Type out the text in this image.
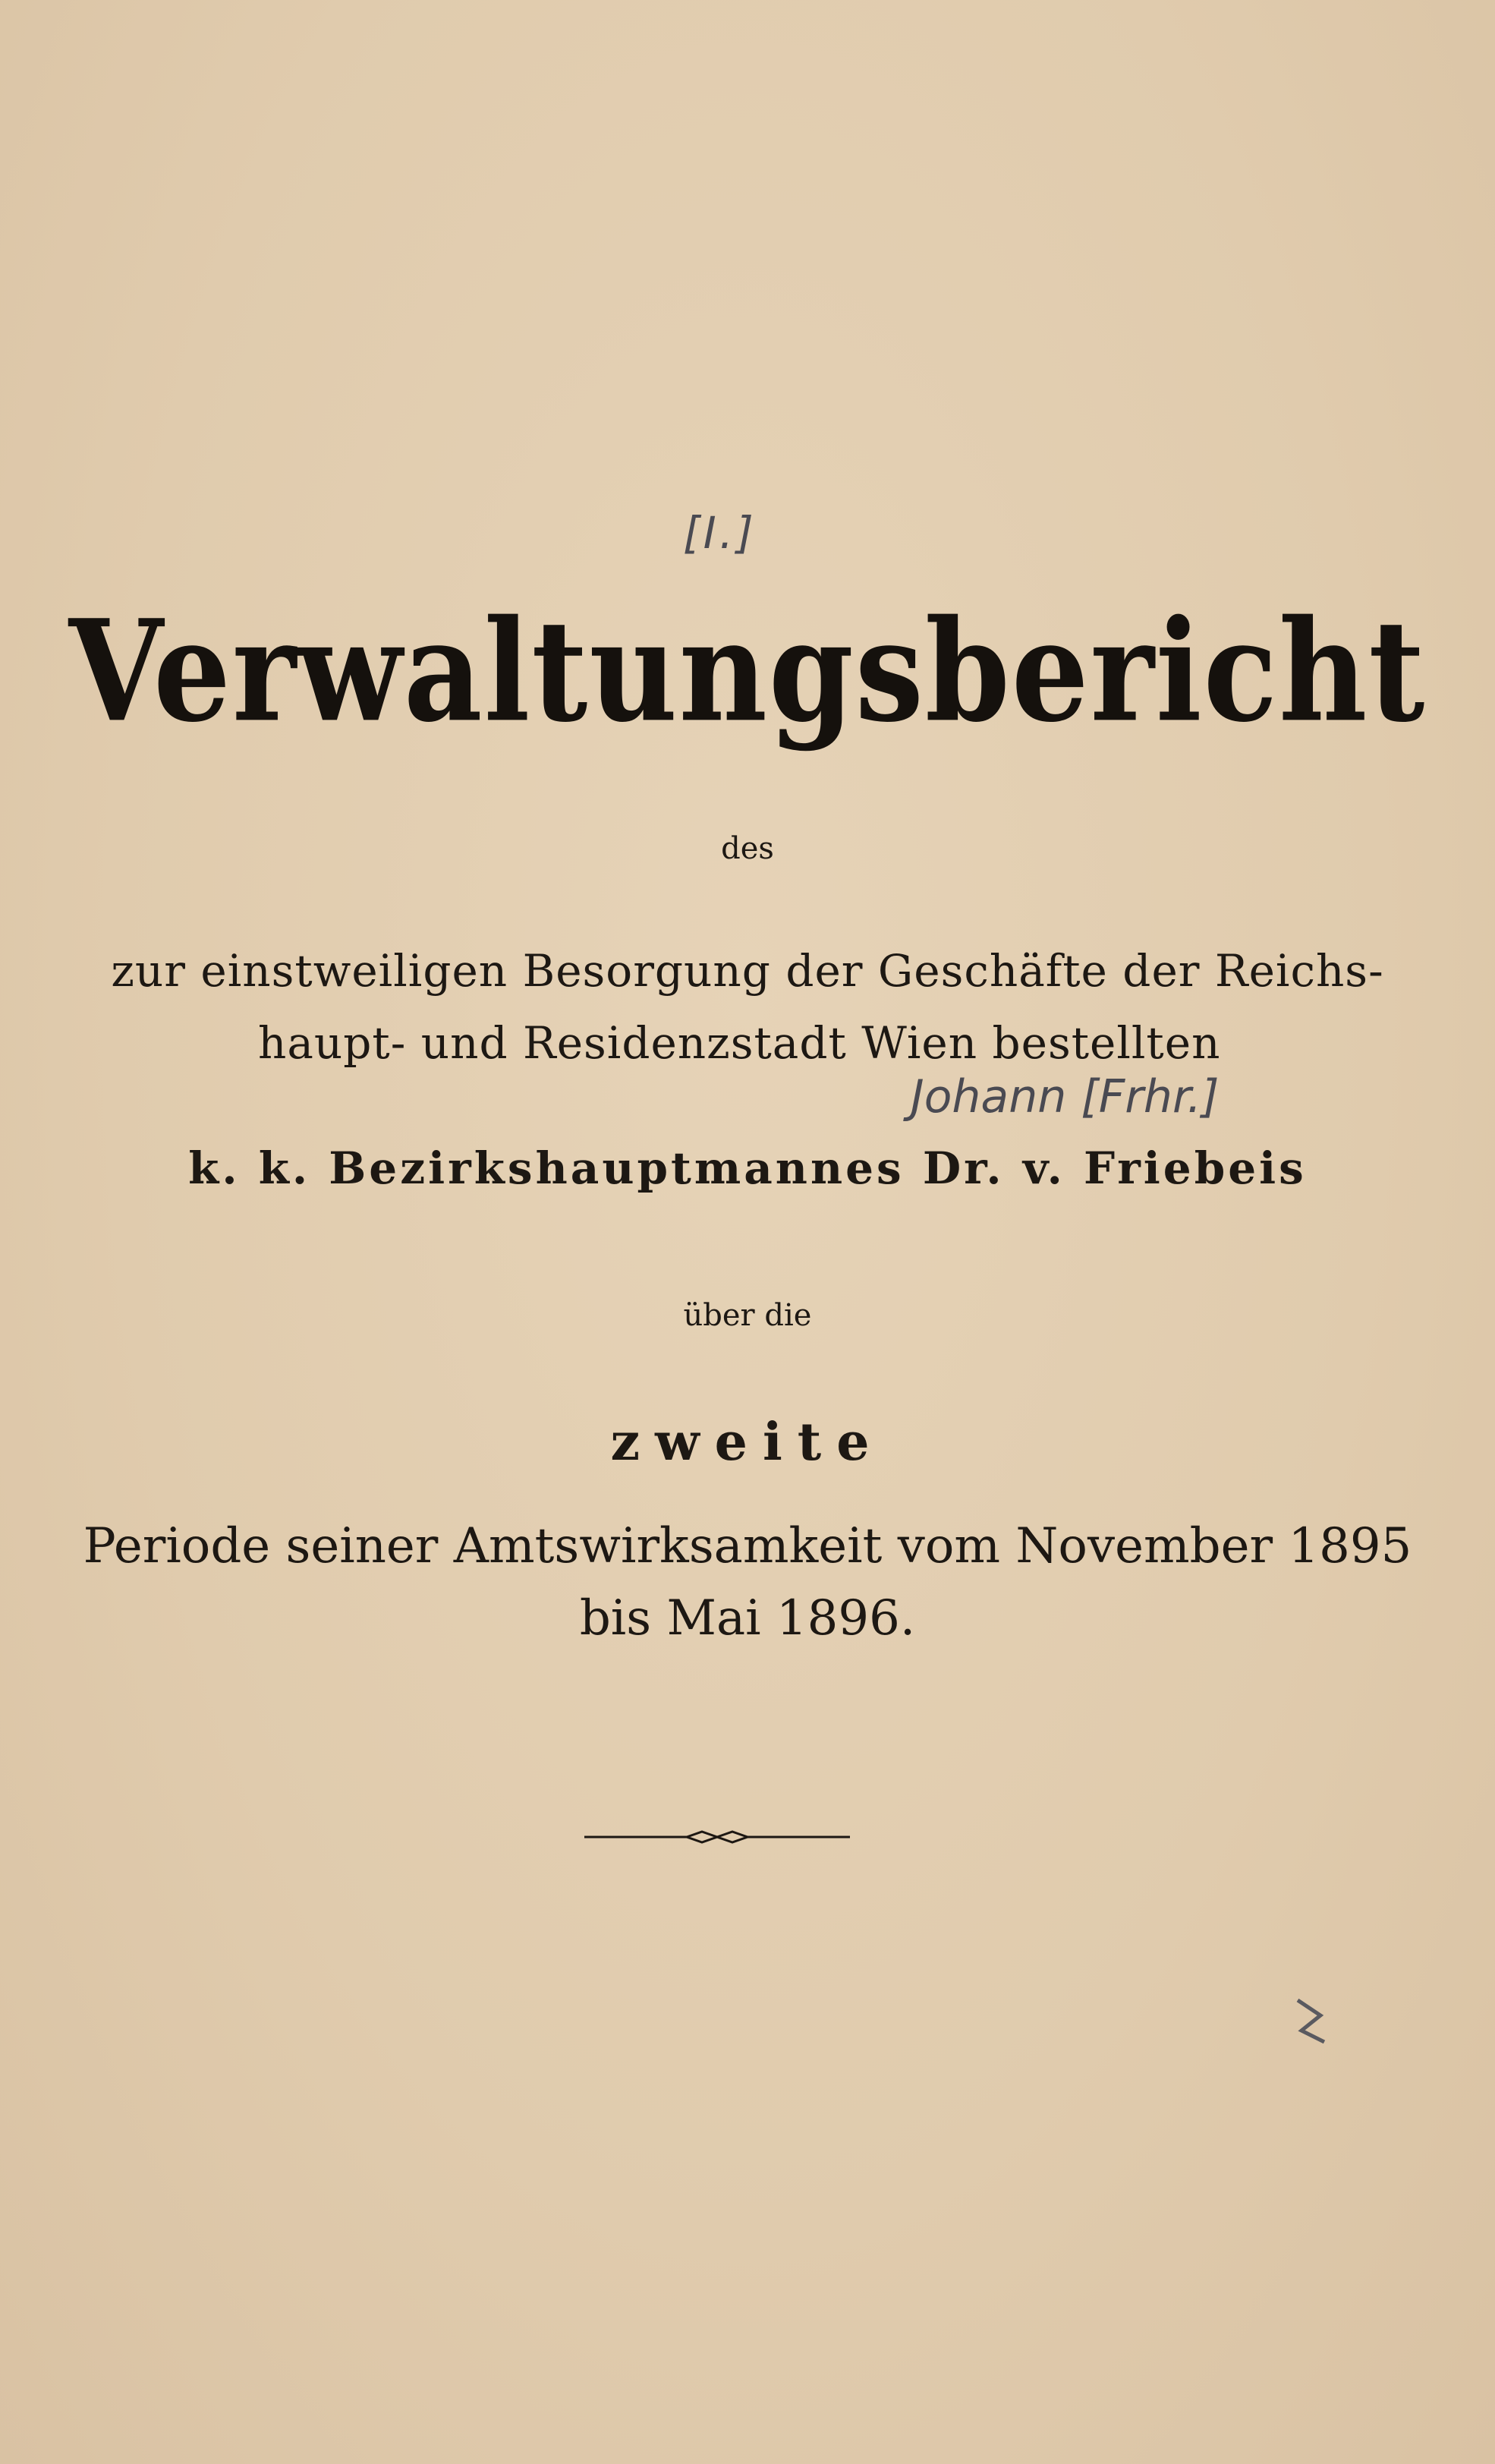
[I.]
Verwaltungsbericht
des
zur einstweiligen Besorgung der Geschäfte der Reichs-
haupt- und Residenzstadt Wien bestellten
Johann [Frhr.]
k. k. Bezirkshauptmannes Dr. v. Friebeis
über die
zweite
Periode seiner Amtswirksamkeit vom November 1895
bis Mai 1896.
